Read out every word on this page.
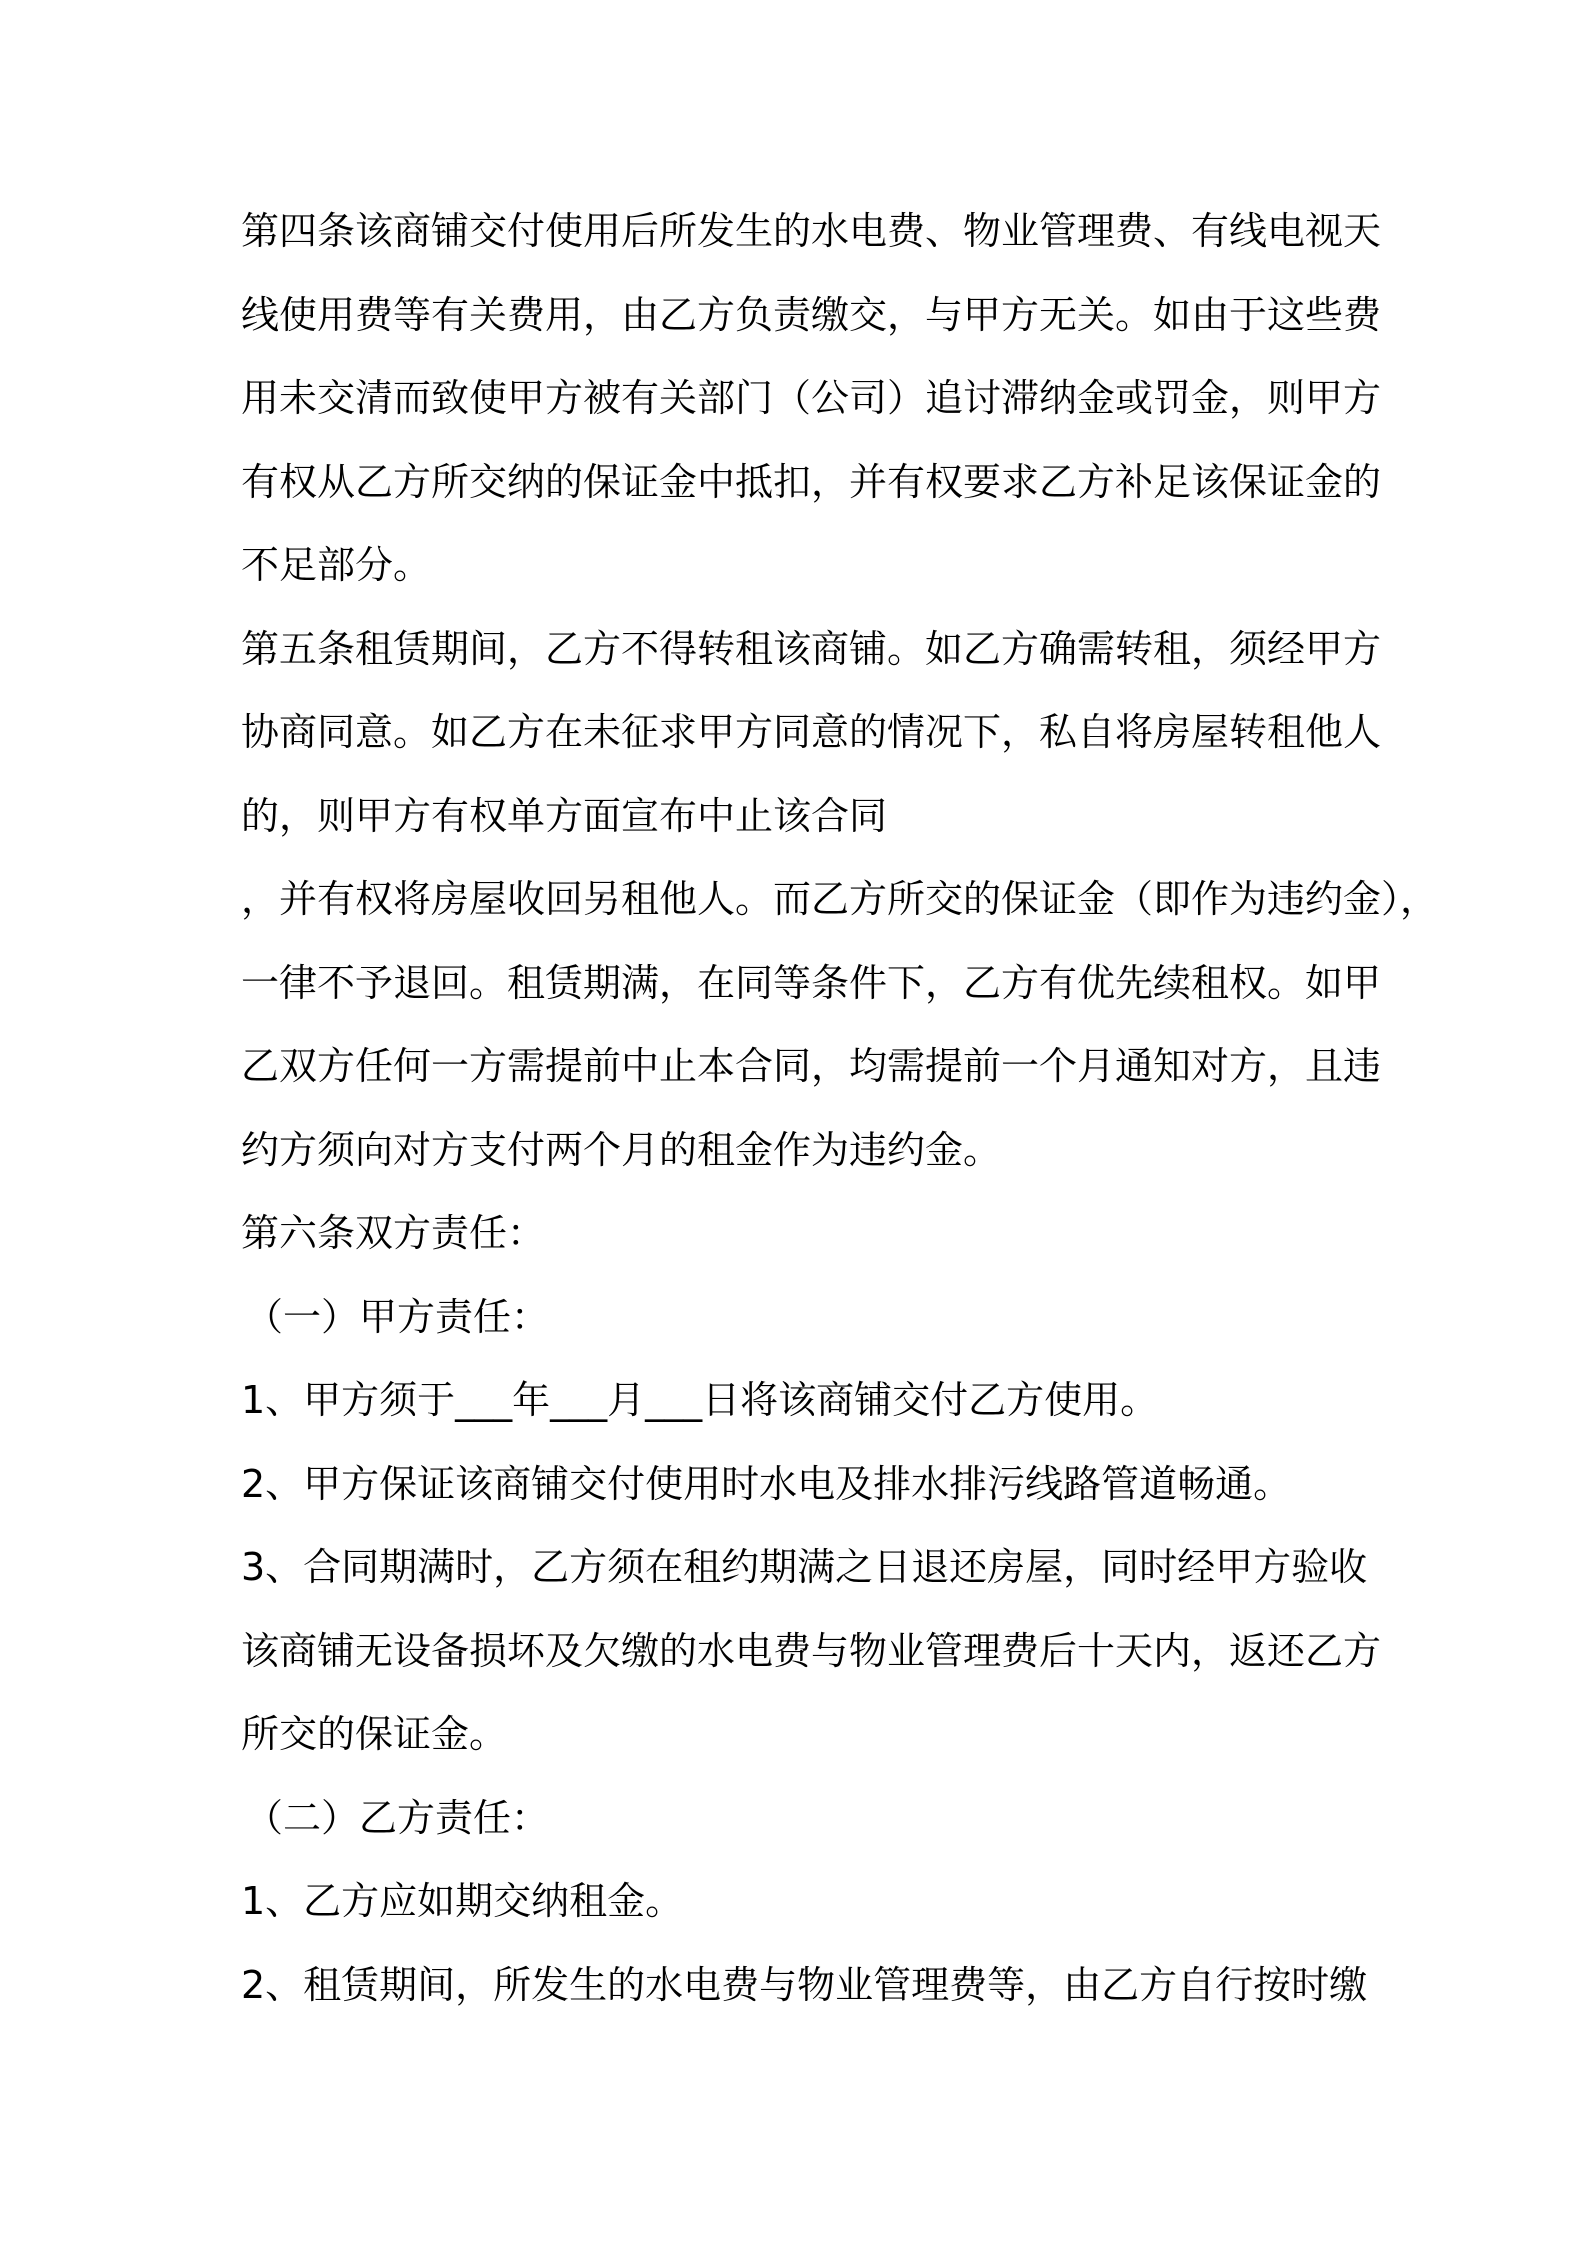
第四条该商铺交付使用后所发生的水电费、物业管理费、有线电视天
线使用费等有关费用，由乙方负责缴交，与甲方无关。如由于这些费
用未交清而致使甲方被有关部门（公司）追讨滞纳金或罚金，则甲方
有权从乙方所交纳的保证金中抵扣，并有权要求乙方补足该保证金的
不足部分。
第五条租赁期间，乙方不得转租该商铺。如乙方确需转租，须经甲方
协商同意。如乙方在未征求甲方同意的情况下，私自将房屋转租他人
的，则甲方有权单方面宣布中止该合同
，并有权将房屋收回另租他人。而乙方所交的保证金（即作为违约金），
一律不予退回。租赁期满，在同等条件下，乙方有优先续租权。如甲
乙双方任何一方需提前中止本合同，均需提前一个月通知对方，且违
约方须向对方支付两个月的租金作为违约金。
第六条双方责任：
（一）甲方责任：
1、甲方须于___年___月___日将该商铺交付乙方使用。
2、甲方保证该商铺交付使用时水电及排水排污线路管道畅通。
3、合同期满时，乙方须在租约期满之日退还房屋，同时经甲方验收
该商铺无设备损坏及欠缴的水电费与物业管理费后十天内，返还乙方
所交的保证金。
（二）乙方责任：
1、乙方应如期交纳租金。
2、租赁期间，所发生的水电费与物业管理费等，由乙方自行按时缴
